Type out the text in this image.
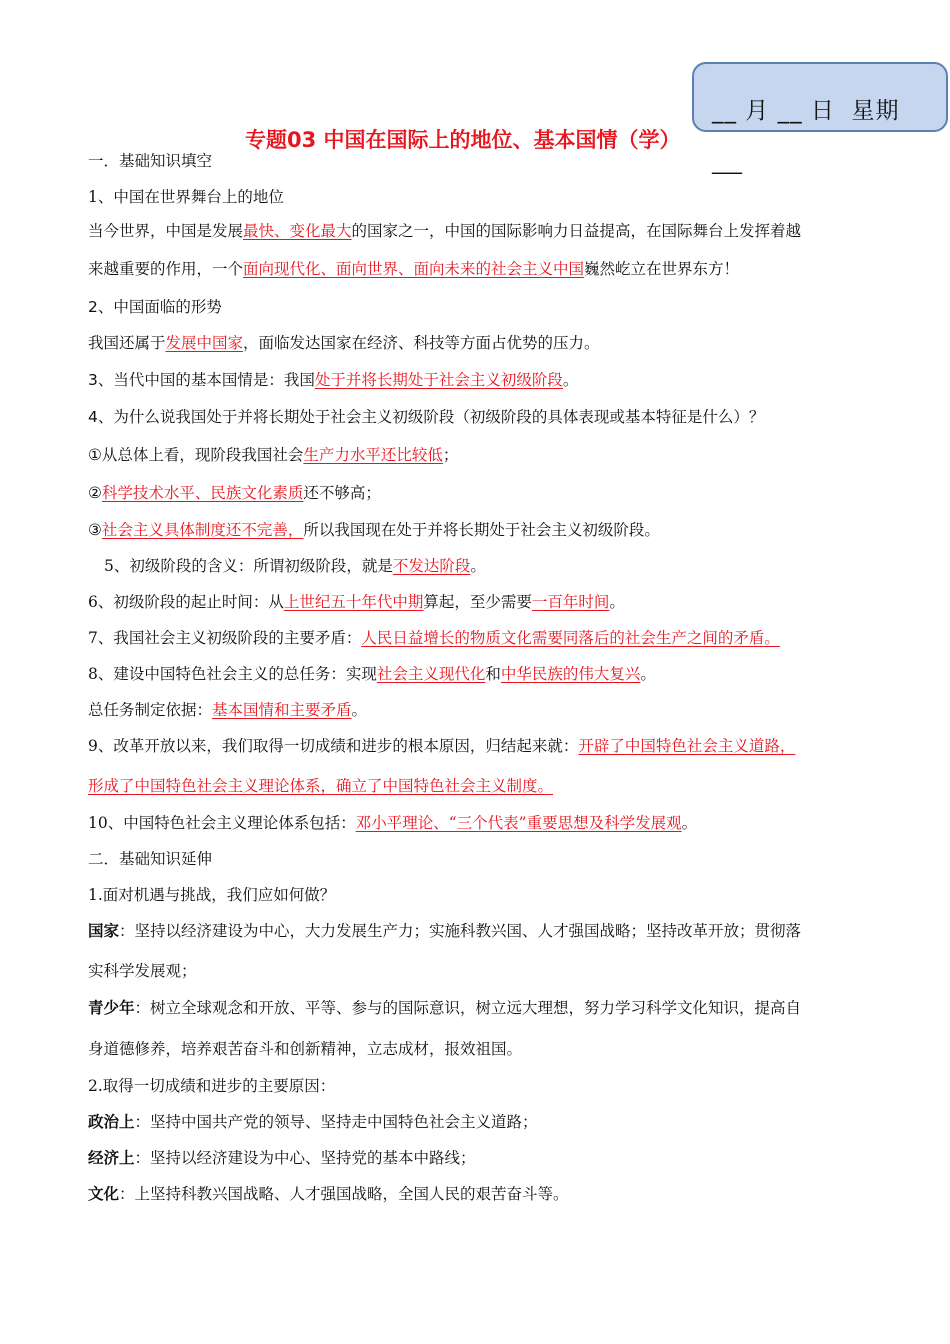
__ 月 __ 日  星期
___
专题03 中国在国际上的地位、基本国情（学）
一．基础知识填空
1、中国在世界舞台上的地位
当今世界，中国是发展最快、变化最大的国家之一，中国的国际影响力日益提高，在国际舞台上发挥着越
来越重要的作用，一个面向现代化、面向世界、面向未来的社会主义中国巍然屹立在世界东方！
2、中国面临的形势
我国还属于发展中国家，面临发达国家在经济、科技等方面占优势的压力。
3、当代中国的基本国情是：我国处于并将长期处于社会主义初级阶段。
4、为什么说我国处于并将长期处于社会主义初级阶段（初级阶段的具体表现或基本特征是什么）？
①从总体上看，现阶段我国社会生产力水平还比较低；
②科学技术水平、民族文化素质还不够高；
③社会主义具体制度还不完善，所以我国现在处于并将长期处于社会主义初级阶段。
5、初级阶段的含义：所谓初级阶段，就是不发达阶段。
6、初级阶段的起止时间：从上世纪五十年代中期算起，至少需要一百年时间。
7、我国社会主义初级阶段的主要矛盾：人民日益增长的物质文化需要同落后的社会生产之间的矛盾。
8、建设中国特色社会主义的总任务：实现社会主义现代化和中华民族的伟大复兴。
总任务制定依据：基本国情和主要矛盾。
9、改革开放以来，我们取得一切成绩和进步的根本原因，归结起来就：开辟了中国特色社会主义道路，
形成了中国特色社会主义理论体系，确立了中国特色社会主义制度。
10、中国特色社会主义理论体系包括：邓小平理论、“三个代表”重要思想及科学发展观。
二．基础知识延伸
1.面对机遇与挑战，我们应如何做？
国家：坚持以经济建设为中心，大力发展生产力；实施科教兴国、人才强国战略；坚持改革开放；贯彻落
实科学发展观；
青少年：树立全球观念和开放、平等、参与的国际意识，树立远大理想，努力学习科学文化知识，提高自
身道德修养，培养艰苦奋斗和创新精神，立志成材，报效祖国。
2.取得一切成绩和进步的主要原因：
政治上：坚持中国共产党的领导、坚持走中国特色社会主义道路；
经济上：坚持以经济建设为中心、坚持党的基本中路线；
文化：上坚持科教兴国战略、人才强国战略，全国人民的艰苦奋斗等。
